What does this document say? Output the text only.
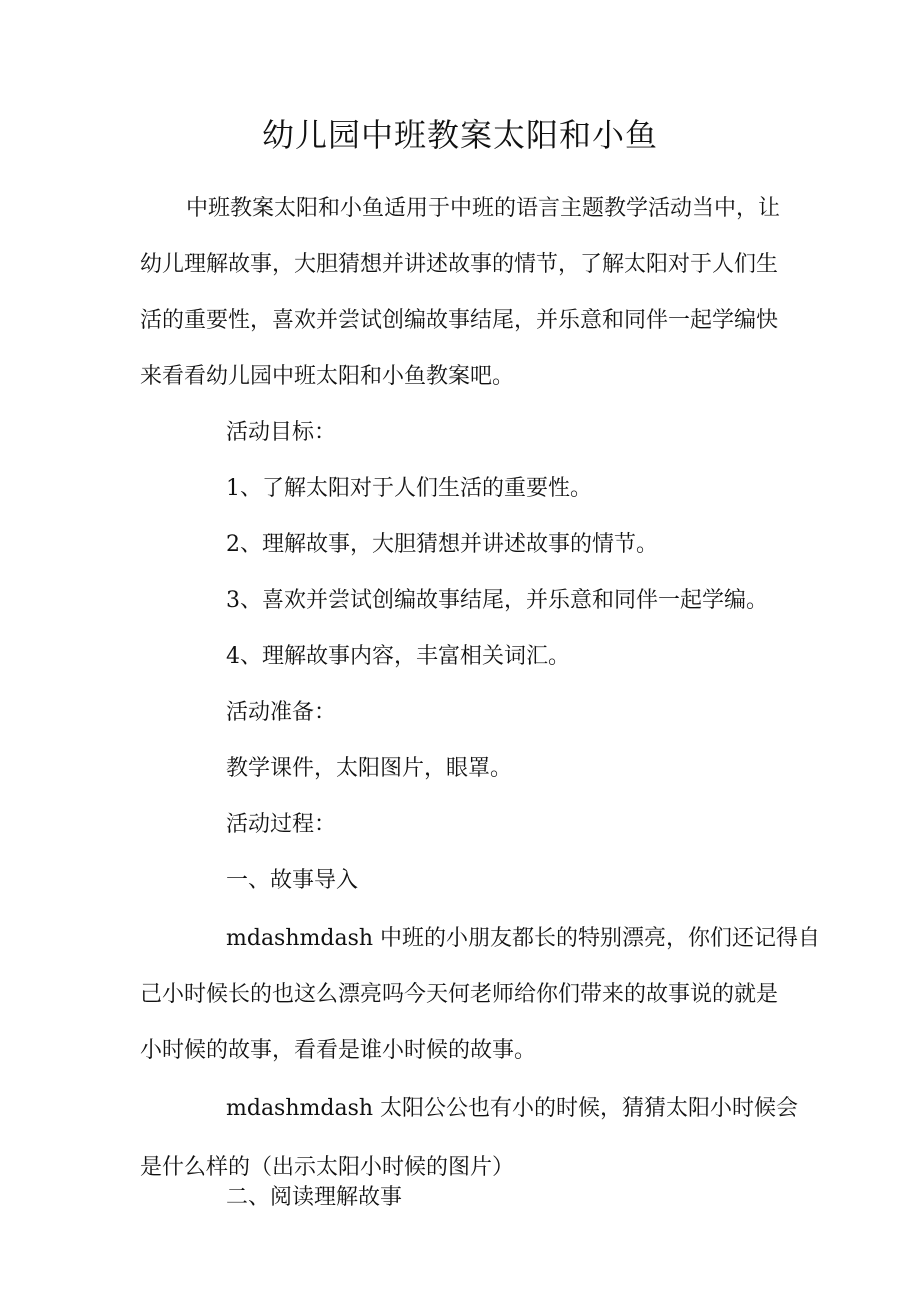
幼儿园中班教案太阳和小鱼
中班教案太阳和小鱼适用于中班的语言主题教学活动当中，让
幼儿理解故事，大胆猜想并讲述故事的情节，了解太阳对于人们生
活的重要性，喜欢并尝试创编故事结尾，并乐意和同伴一起学编快
来看看幼儿园中班太阳和小鱼教案吧。
活动目标：
1、了解太阳对于人们生活的重要性。
2、理解故事，大胆猜想并讲述故事的情节。
3、喜欢并尝试创编故事结尾，并乐意和同伴一起学编。
4、理解故事内容，丰富相关词汇。
活动准备：
教学课件，太阳图片，眼罩。
活动过程：
一、故事导入
mdashmdash 中班的小朋友都长的特别漂亮，你们还记得自
己小时候长的也这么漂亮吗今天何老师给你们带来的故事说的就是
小时候的故事，看看是谁小时候的故事。
mdashmdash 太阳公公也有小的时候，猜猜太阳小时候会
是什么样的（出示太阳小时候的图片）
二、阅读理解故事
